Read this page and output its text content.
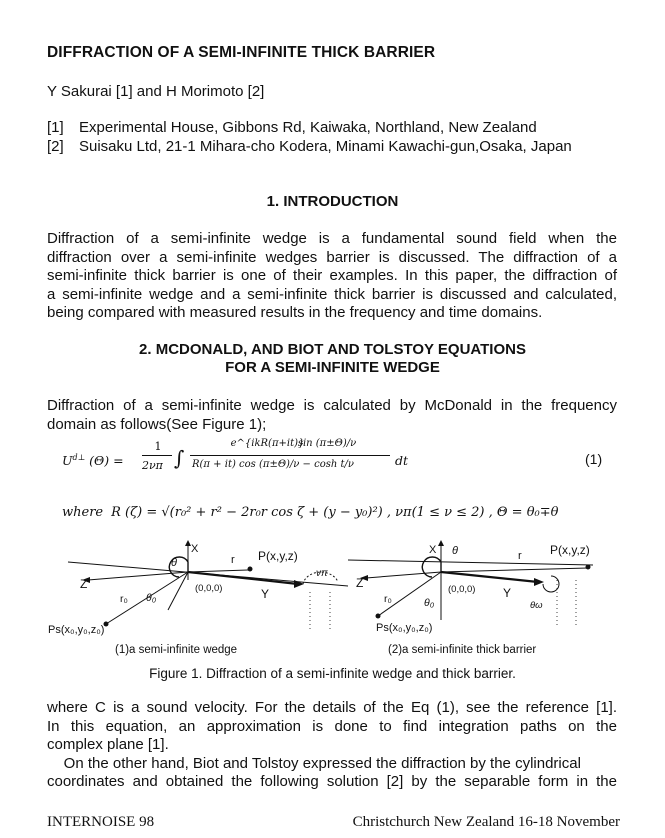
DIFFRACTION OF A SEMI-INFINITE THICK BARRIER
Y Sakurai [1] and H Morimoto [2]
[1] Experimental House, Gibbons Rd, Kaiwaka, Northland, New Zealand
[2] Suisaku Ltd, 21-1 Mihara-cho Kodera, Minami Kawachi-gun,Osaka, Japan
1. INTRODUCTION
Diffraction of a semi-infinite wedge is a fundamental sound field when the
diffraction over a semi-infinite wedges barrier is discussed. The diffraction of a
semi-infinite thick barrier is one of their examples. In this paper, the diffraction of
a semi-infinite wedge and a semi-infinite thick barrier is discussed and calculated,
being compared with measured results in the frequency and time domains.
2. MCDONALD, AND BIOT AND TOLSTOY EQUATIONS
FOR A SEMI-INFINITE WEDGE
Diffraction of a semi-infinite wedge is calculated by McDonald in the frequency
domain as follows(See Figure 1);
$U^{d\perp}$ (Θ) =
1
2νπ ∫
e^{ikR(π+it)}
sin (π±Θ)/ν
R(π + it) cos (π±Θ)/ν − cosh t/ν	dt	(1)
where R (ζ) = √(r₀² + r² − 2r₀r cos ζ + (y − y₀)²) , νπ(1 ≤ ν ≤ 2) , Θ = θ₀∓θ
X
θ	r P(x,y,z)
Z	(0,0,0)
r₀ θ₀	Y
νπ
Ps(x₀,y₀,z₀)
(1)a semi-infinite wedge
X θ	r P(x,y,z)
Z	(0,0,0)
r₀	θ₀
Y
θω
Ps(x₀,y₀,z₀)
(2)a semi-infinite thick barrier
Figure 1. Diffraction of a semi-infinite wedge and thick barrier.
where C is a sound velocity. For the details of the Eq (1), see the reference [1].
In this equation, an approximation is done to find integration paths on the
complex plane [1].
On the other hand, Biot and Tolstoy expressed the diffraction by the cylindrical
coordinates and obtained the following solution [2] by the separable form in the
INTERNOISE 98	Christchurch New Zealand 16-18 November
